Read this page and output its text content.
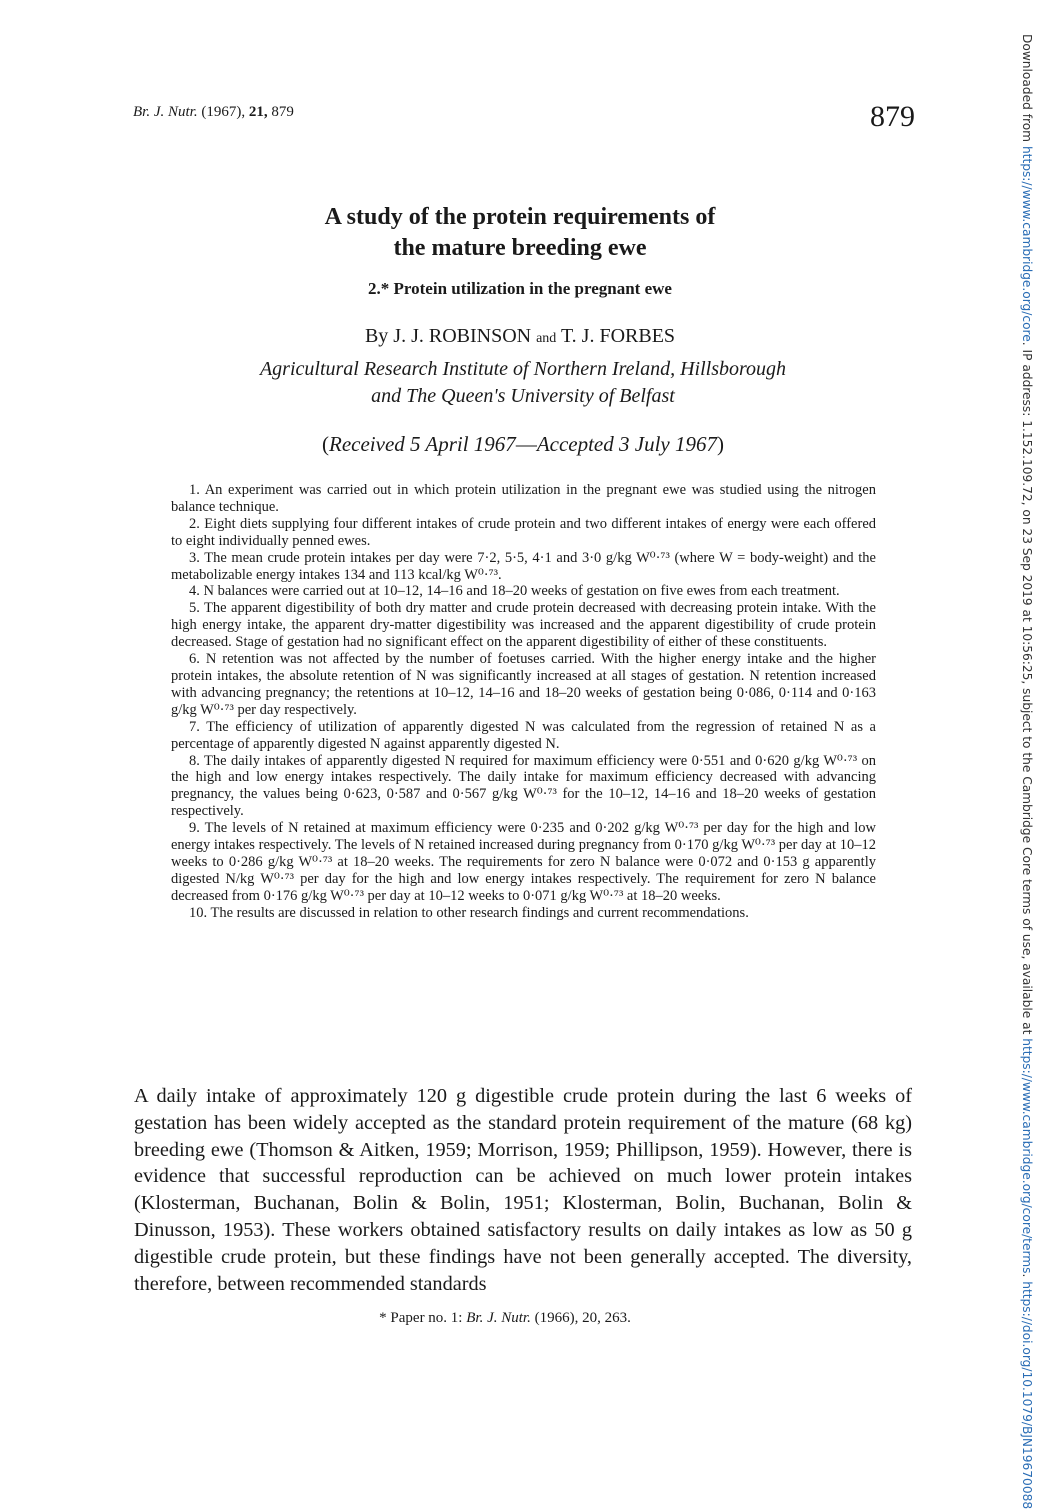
Br. J. Nutr. (1967), 21, 879	879
A study of the protein requirements of
the mature breeding ewe
2.* Protein utilization in the pregnant ewe
By J. J. ROBINSON and T. J. FORBES
Agricultural Research Institute of Northern Ireland, Hillsborough
and The Queen's University of Belfast
(Received 5 April 1967—Accepted 3 July 1967)

1. An experiment was carried out in which protein utilization in the pregnant ewe was studied using the nitrogen balance technique.

2. Eight diets supplying four different intakes of crude protein and two different intakes of energy were each offered to eight individually penned ewes.

3. The mean crude protein intakes per day were 7·2, 5·5, 4·1 and 3·0 g/kg W⁰·⁷³ (where W = body-weight) and the metabolizable energy intakes 134 and 113 kcal/kg W⁰·⁷³.

4. N balances were carried out at 10–12, 14–16 and 18–20 weeks of gestation on five ewes from each treatment.

5. The apparent digestibility of both dry matter and crude protein decreased with decreasing protein intake. With the high energy intake, the apparent dry-matter digestibility was increased and the apparent digestibility of crude protein decreased. Stage of gestation had no significant effect on the apparent digestibility of either of these constituents.

6. N retention was not affected by the number of foetuses carried. With the higher energy intake and the higher protein intakes, the absolute retention of N was significantly increased at all stages of gestation. N retention increased with advancing pregnancy; the retentions at 10–12, 14–16 and 18–20 weeks of gestation being 0·086, 0·114 and 0·163 g/kg W⁰·⁷³ per day respectively.

7. The efficiency of utilization of apparently digested N was calculated from the regression of retained N as a percentage of apparently digested N against apparently digested N.

8. The daily intakes of apparently digested N required for maximum efficiency were 0·551 and 0·620 g/kg W⁰·⁷³ on the high and low energy intakes respectively. The daily intake for maximum efficiency decreased with advancing pregnancy, the values being 0·623, 0·587 and 0·567 g/kg W⁰·⁷³ for the 10–12, 14–16 and 18–20 weeks of gestation respectively.

9. The levels of N retained at maximum efficiency were 0·235 and 0·202 g/kg W⁰·⁷³ per day for the high and low energy intakes respectively. The levels of N retained increased during pregnancy from 0·170 g/kg W⁰·⁷³ per day at 10–12 weeks to 0·286 g/kg W⁰·⁷³ at 18–20 weeks. The requirements for zero N balance were 0·072 and 0·153 g apparently digested N/kg W⁰·⁷³ per day for the high and low energy intakes respectively. The requirement for zero N balance decreased from 0·176 g/kg W⁰·⁷³ per day at 10–12 weeks to 0·071 g/kg W⁰·⁷³ at 18–20 weeks.

10. The results are discussed in relation to other research findings and current recommendations.

A daily intake of approximately 120 g digestible crude protein during the last 6 weeks of gestation has been widely accepted as the standard protein requirement of the mature (68 kg) breeding ewe (Thomson & Aitken, 1959; Morrison, 1959; Phillipson, 1959). However, there is evidence that successful reproduction can be achieved on much lower protein intakes (Klosterman, Buchanan, Bolin & Bolin, 1951; Klosterman, Bolin, Buchanan, Bolin & Dinusson, 1953). These workers obtained satisfactory results on daily intakes as low as 50 g digestible crude protein, but these findings have not been generally accepted. The diversity, therefore, between recommended standards

* Paper no. 1: Br. J. Nutr. (1966), 20, 263.
Downloaded from https://www.cambridge.org/core. IP address: 1.152.109.72, on 23 Sep 2019 at 10:56:25, subject to the Cambridge Core terms of use, available at https://www.cambridge.org/core/terms. https://doi.org/10.1079/BJN19670088
